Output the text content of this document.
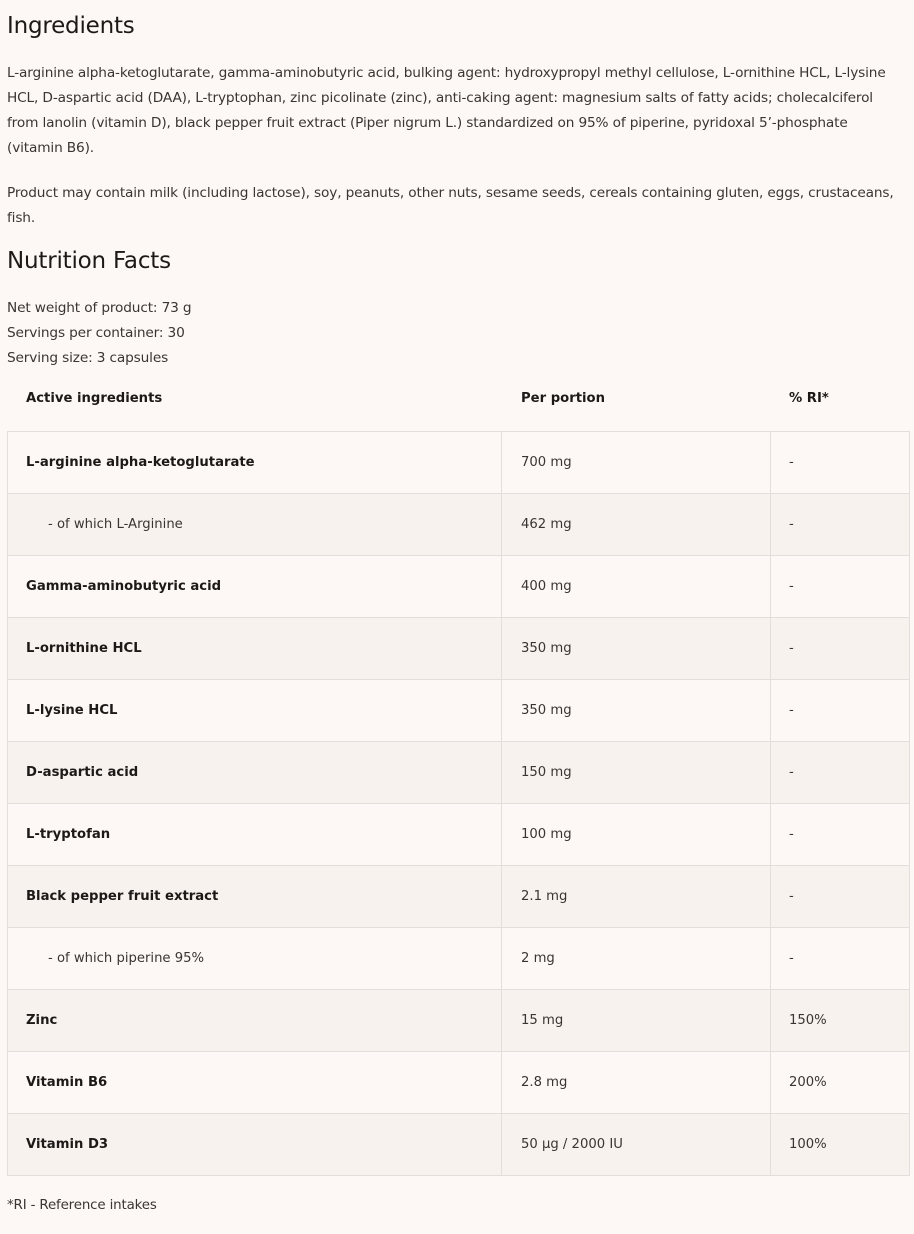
Ingredients

L-arginine alpha-ketoglutarate, gamma-aminobutyric acid, bulking agent: hydroxypropyl methyl cellulose, L-ornithine HCL, L-lysine HCL, D-aspartic acid (DAA), L-tryptophan, zinc picolinate (zinc), anti-caking agent: magnesium salts of fatty acids; cholecalciferol from lanolin (vitamin D), black pepper fruit extract (Piper nigrum L.) standardized on 95% of piperine, pyridoxal 5’-phosphate (vitamin B6).

Product may contain milk (including lactose), soy, peanuts, other nuts, sesame seeds, cereals containing gluten, eggs, crustaceans, fish.

Nutrition Facts
Net weight of product: 73 g
Servings per container: 30
Serving size: 3 capsules
Active ingredients	Per portion	% RI*
L-arginine alpha-ketoglutarate	700 mg	-
- of which L-Arginine	462 mg	-
Gamma-aminobutyric acid	400 mg	-
L-ornithine HCL	350 mg	-
L-lysine HCL	350 mg	-
D-aspartic acid	150 mg	-
L-tryptofan	100 mg	-
Black pepper fruit extract	2.1 mg	-
- of which piperine 95%	2 mg	-
Zinc	15 mg	150%
Vitamin B6	2.8 mg	200%
Vitamin D3	50 µg / 2000 IU	100%
*RI - Reference intakes
